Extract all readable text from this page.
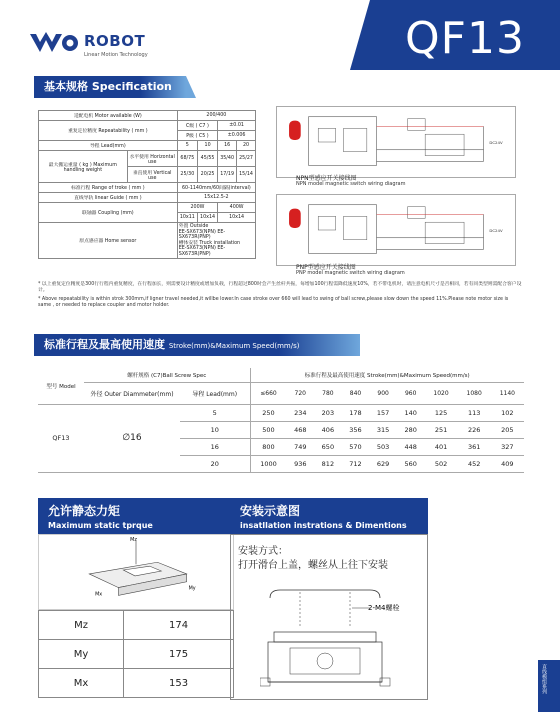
ROBOT
Linear Motion Technology	QF13
基本规格 Specification
适配电机 Motor available (W)		200/400			
重复定位精度 Repeatability ( mm )		C级 ( C7 )		±0.01	
		P级 ( C5 )		±0.006	
导程 Lead(mm)		5	10	16	20
最大搬运重量 ( kg ) Maximum handling weight	水平使用 Horizontal use	68/75	45/55	35/40	25/27
	垂直使用 Vertical use	25/30	20/25	17/19	15/14
标准行程 Range of troke ( mm )		60-1140mm/60间隔(interval)			
直线导轨 linear Guide ( mm )		15x12.5-2			
联轴器 Coupling (mm)		200W		400W	
		10x11	10x14	10x14	
原点感应器 Home sensor		外置 Outside
EE-SX673(NPN) EE-SX673R(PNP)
槽体安装 Truck installation
EE-SX673(NPN) EE-SX673R(PNP)			
DC24V
NPN型感应开关接线图
NPN model magnetic switch wiring diagram
DC24V
PNP型感应开关接线图
PNP model magnetic switch wiring diagram
* 以上重复定位精度是300行行程内重复精度，在行程加长，则需要设计精度或增加负载，行程超过800时会产生丝杆共振，每增加100行程需降低速度10%，若不带电机时，请注意电机尺寸是否相同，若有同类型则需配合客户设计。
* Above repeatability is within strok 300mm,if ligner travel needed,it willbe lower.In case stroke over 660 will lead to swing of ball screw,please slow down the speed 11%.Please note motor size is same , or needed to replace coupler and motor holder.
标准行程及最高使用速度 Stroke(mm)&Maximum Speed(mm/s)
型号 Model	螺杆规格 (C7)Ball Screw Spec		标准行程及最高使用速度 Stroke(mm)&Maximum Speed(mm/s)								
	外径 Outer Diammeter(mm)	导程 Lead(mm)	≤660	720	780	840	900	960	1020	1080	1140
QF13	∅16	5	250	234	203	178	157	140	125	113	102
		10	500	468	406	356	315	280	251	226	205
		16	800	749	650	570	503	448	401	361	327
		20	1000	936	812	712	629	560	502	452	409
允许静态力矩
Maximum static tprque
Mz
My
Mx
Mz	174
My	175
Mx	153
安装示意图
insatllation instrations & Dimentions
安装方式：
打开滑台上盖，螺丝从上往下安装
2-M4螺栓
直线模组系列
